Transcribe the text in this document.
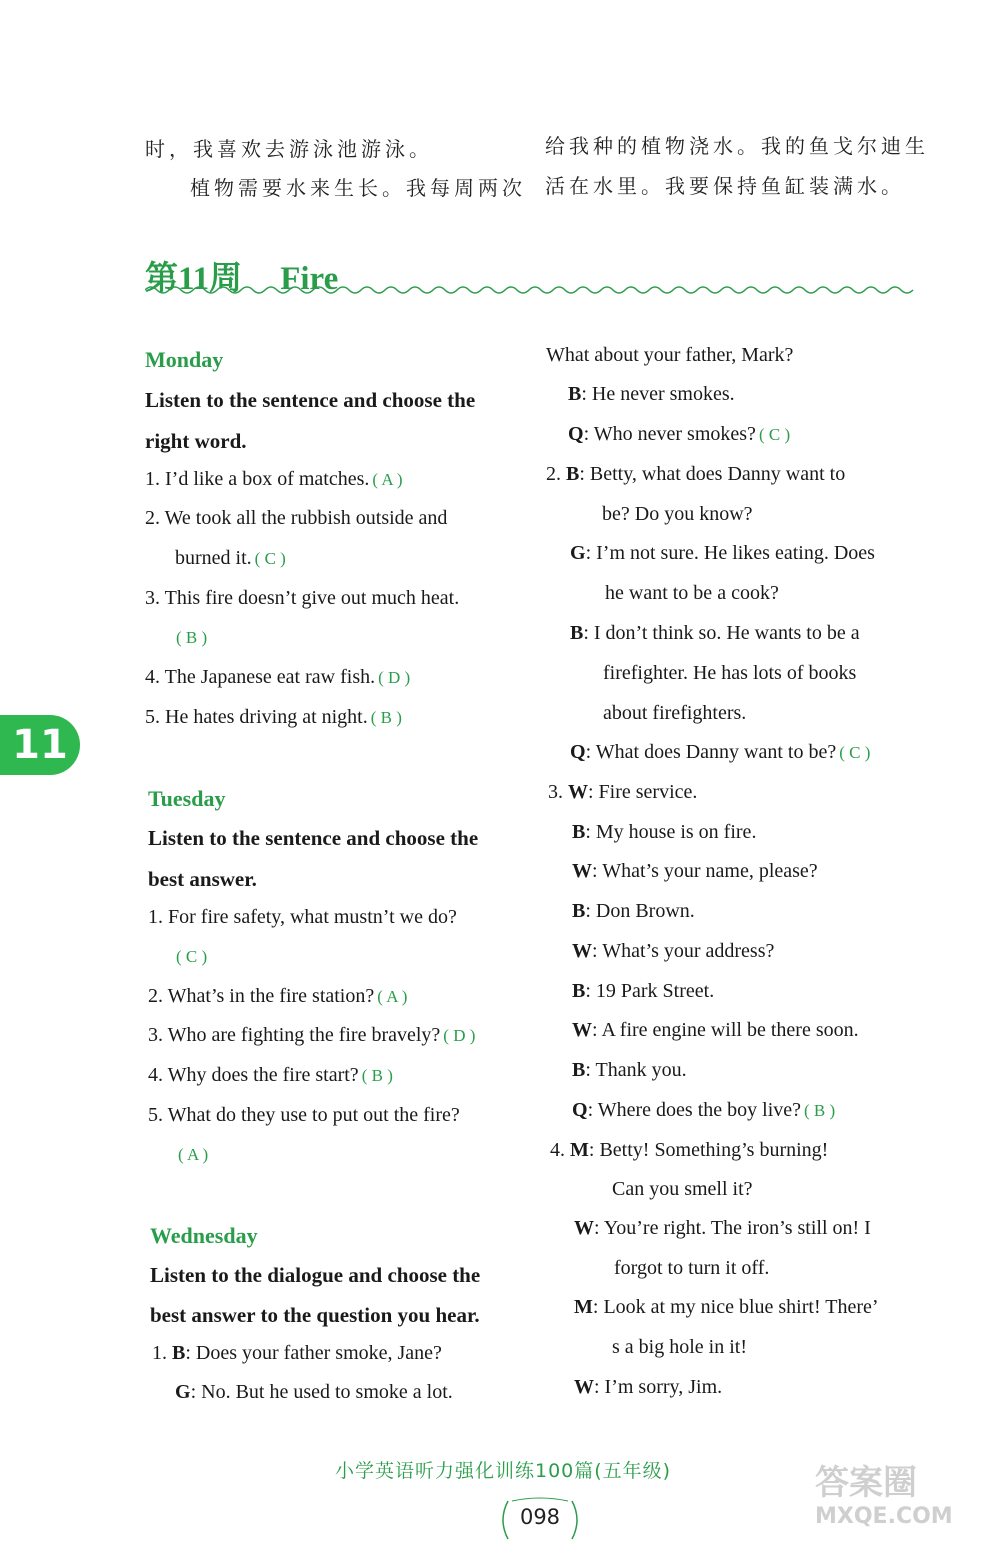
时，我喜欢去游泳池游泳。
植物需要水来生长。我每周两次
给我种的植物浇水。我的鱼戈尔迪生
活在水里。我要保持鱼缸装满水。
第11周 Fire
11
Monday
Listen to the sentence and choose the
right word.
1. I’d like a box of matches. ( A )
2. We took all the rubbish outside and
burned it. ( C )
3. This fire doesn’t give out much heat.
( B )
4. The Japanese eat raw fish. ( D )
5. He hates driving at night. ( B )
Tuesday
Listen to the sentence and choose the
best answer.
1. For fire safety, what mustn’t we do?
( C )
2. What’s in the fire station? ( A )
3. Who are fighting the fire bravely? ( D )
4. Why does the fire start? ( B )
5. What do they use to put out the fire?
( A )
Wednesday
Listen to the dialogue and choose the
best answer to the question you hear.
1. B: Does your father smoke, Jane?
G: No. But he used to smoke a lot.
What about your father, Mark?
B: He never smokes.
Q: Who never smokes? ( C )
2. B: Betty, what does Danny want to
be? Do you know?
G: I’m not sure. He likes eating. Does
he want to be a cook?
B: I don’t think so. He wants to be a
firefighter. He has lots of books
about firefighters.
Q: What does Danny want to be? ( C )
3. W: Fire service.
B: My house is on fire.
W: What’s your name, please?
B: Don Brown.
W: What’s your address?
B: 19 Park Street.
W: A fire engine will be there soon.
B: Thank you.
Q: Where does the boy live? ( B )
4. M: Betty! Something’s burning!
Can you smell it?
W: You’re right. The iron’s still on! I
forgot to turn it off.
M: Look at my nice blue shirt! There’
s a big hole in it!
W: I’m sorry, Jim.
小学英语听力强化训练100篇(五年级)
098
答案圈
MXQE.COM
